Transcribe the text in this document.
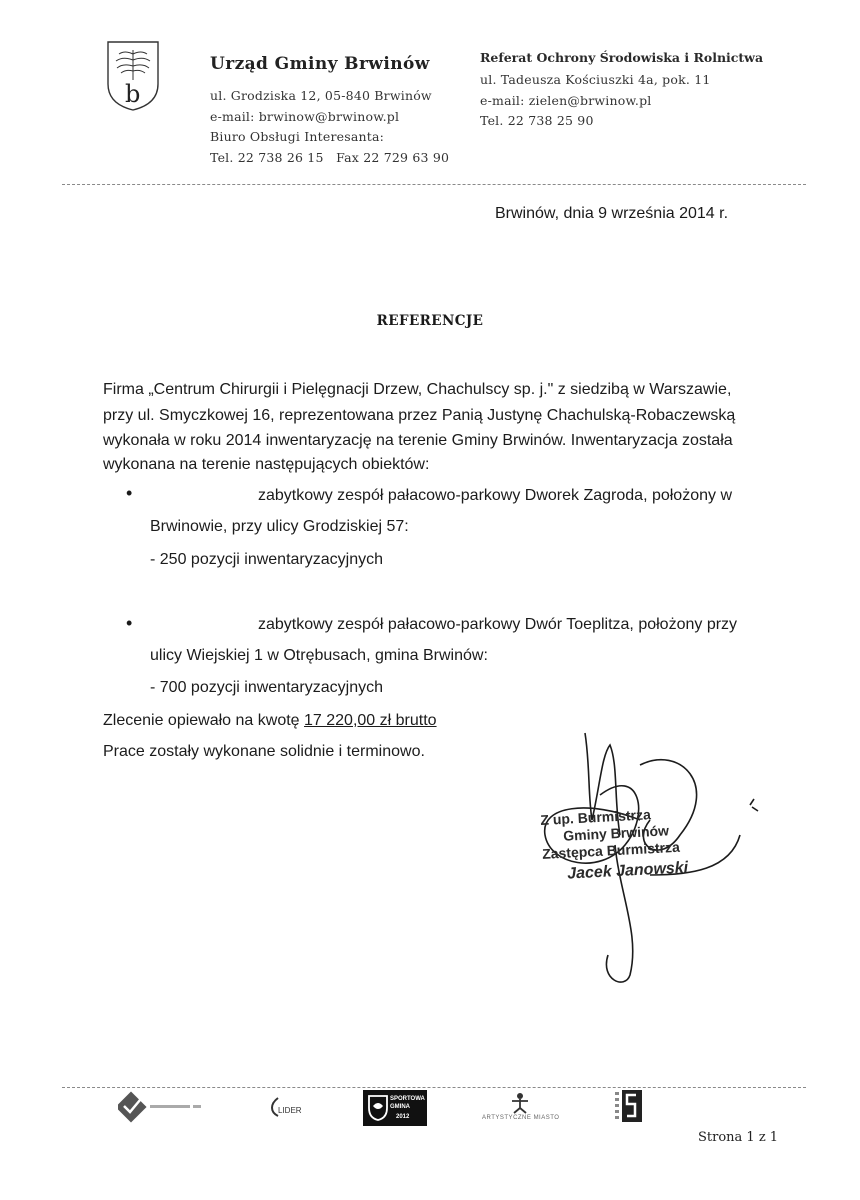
b
Urząd Gminy Brwinów
ul. Grodziska 12, 05-840 Brwinów
e-mail: brwinow@brwinow.pl
Biuro Obsługi Interesanta:
Tel. 22 738 26 15   Fax 22 729 63 90
Referat Ochrony Środowiska i Rolnictwa
ul. Tadeusza Kościuszki 4a, pok. 11
e-mail: zielen@brwinow.pl
Tel. 22 738 25 90
Brwinów, dnia 9 września 2014 r.
REFERENCJE
Firma „Centrum Chirurgii i Pielęgnacji Drzew, Chachulscy sp. j." z siedzibą w Warszawie,
przy ul. Smyczkowej 16, reprezentowana przez Panią Justynę Chachulską-Robaczewską
wykonała w roku 2014 inwentaryzację na terenie Gminy Brwinów. Inwentaryzacja została
wykonana na terenie następujących obiektów:
•	zabytkowy zespół pałacowo-parkowy Dworek Zagroda, położony w
Brwinowie, przy ulicy Grodziskiej 57:
- 250 pozycji inwentaryzacyjnych
•	zabytkowy zespół pałacowo-parkowy Dwór Toeplitza, położony przy
ulicy Wiejskiej 1 w Otrębusach, gmina Brwinów:
- 700 pozycji inwentaryzacyjnych
Zlecenie opiewało na kwotę 17 220,00 zł brutto
Prace zostały wykonane solidnie i terminowo.
Z up. Burmistrza
Gminy Brwinów
Zastępca Burmistrza
Jacek Janowski
LIDER
SPORTOWA GMINA
2012	ARTYSTYCZNE MIASTO
Strona 1 z 1
